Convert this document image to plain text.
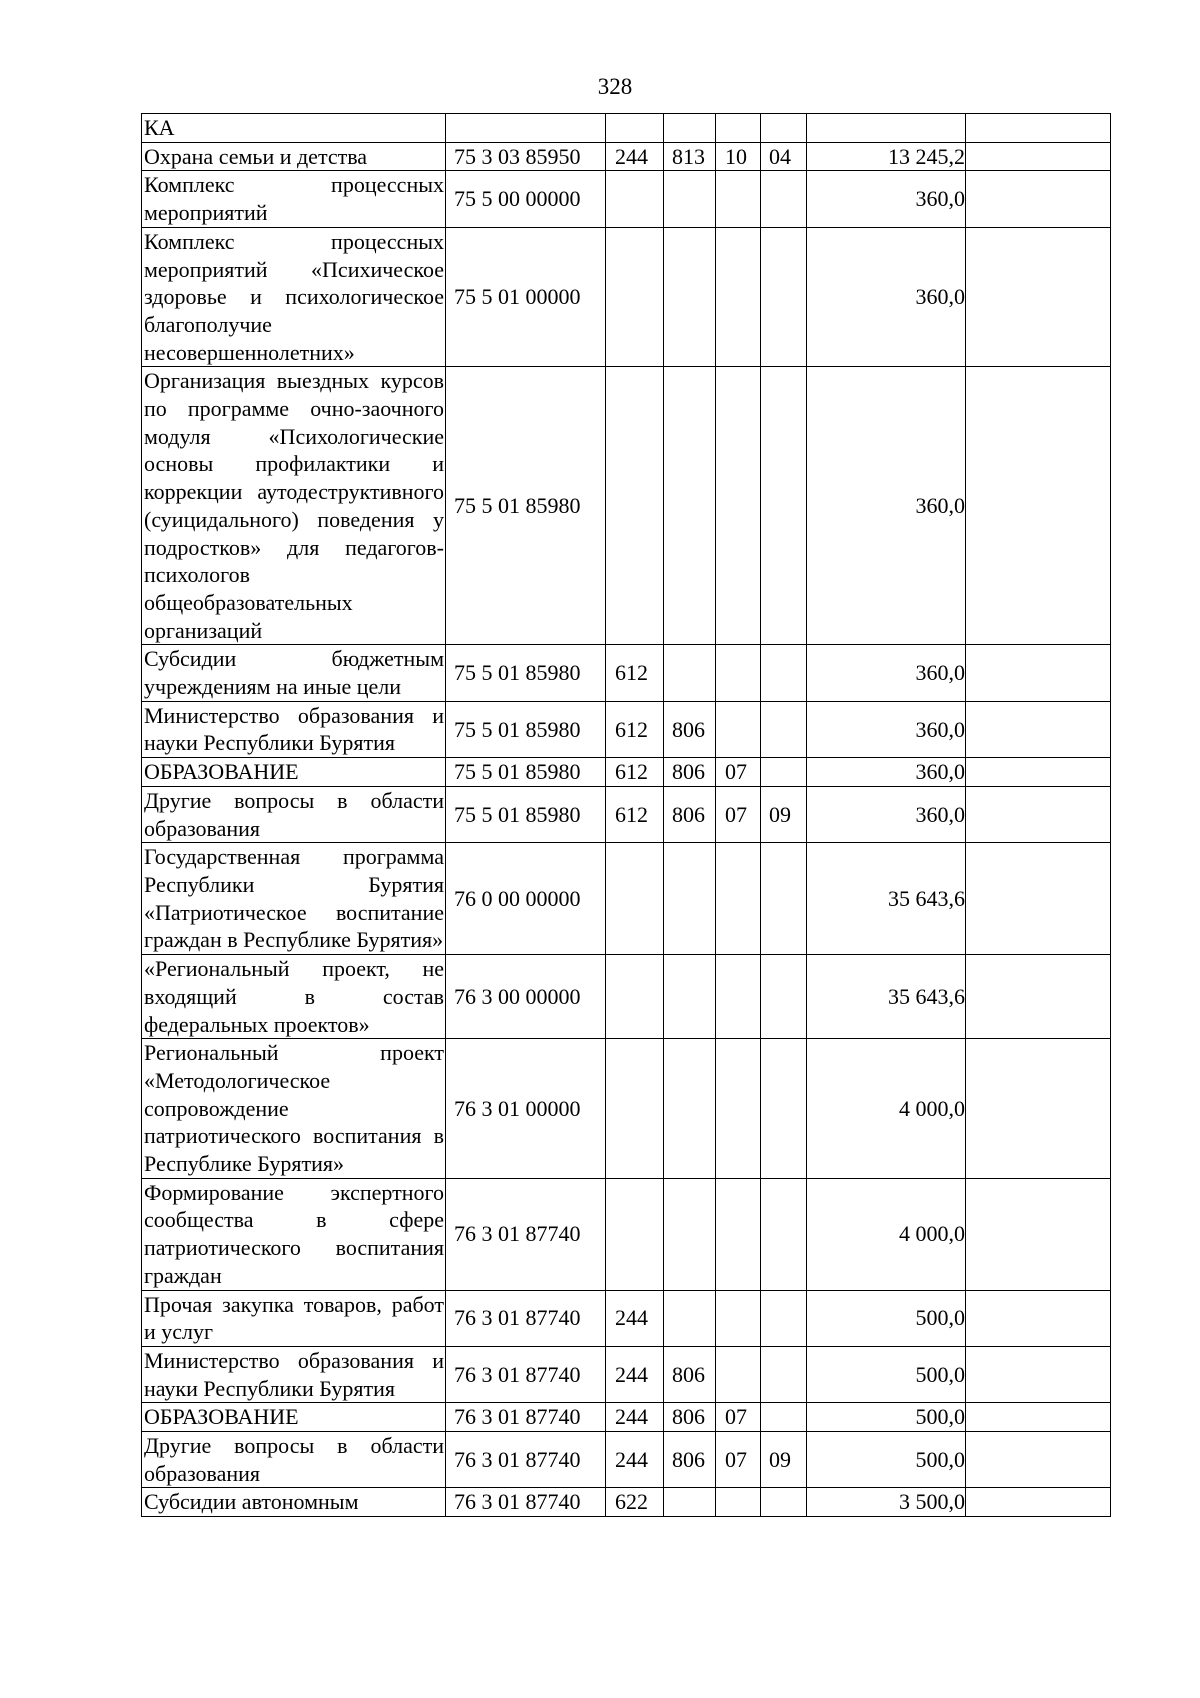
328
КА							
Охрана семьи и детства	75 3 03 85950	244	813	10	04	13 245,2	
Комплекс процессных мероприятий	75 5 00 00000					360,0	
Комплекс процессных мероприятий «Психическое здоровье и психологическое благополучие несовершеннолетних»	75 5 01 00000					360,0	
Организация выездных курсов по программе очно-заочного модуля «Психологические основы профилактики и коррекции аутодеструктивного (суицидального) поведения у подростков» для педагогов-психологов общеобразовательных организаций	75 5 01 85980					360,0	
Субсидии бюджетным учреждениям на иные цели	75 5 01 85980	612				360,0	
Министерство образования и науки Республики Бурятия	75 5 01 85980	612	806			360,0	
ОБРАЗОВАНИЕ	75 5 01 85980	612	806	07		360,0	
Другие вопросы в области образования	75 5 01 85980	612	806	07	09	360,0	
Государственная программа Республики Бурятия «Патриотическое воспитание граждан в Республике Бурятия»	76 0 00 00000					35 643,6	
«Региональный проект, не входящий в состав федеральных проектов»	76 3 00 00000					35 643,6	
Региональный проект «Методологическое сопровождение патриотического воспитания в Республике Бурятия»	76 3 01 00000					4 000,0	
Формирование экспертного сообщества в сфере патриотического воспитания граждан	76 3 01 87740					4 000,0	
Прочая закупка товаров, работ и услуг	76 3 01 87740	244				500,0	
Министерство образования и науки Республики Бурятия	76 3 01 87740	244	806			500,0	
ОБРАЗОВАНИЕ	76 3 01 87740	244	806	07		500,0	
Другие вопросы в области образования	76 3 01 87740	244	806	07	09	500,0	
Субсидии автономным	76 3 01 87740	622				3 500,0	
